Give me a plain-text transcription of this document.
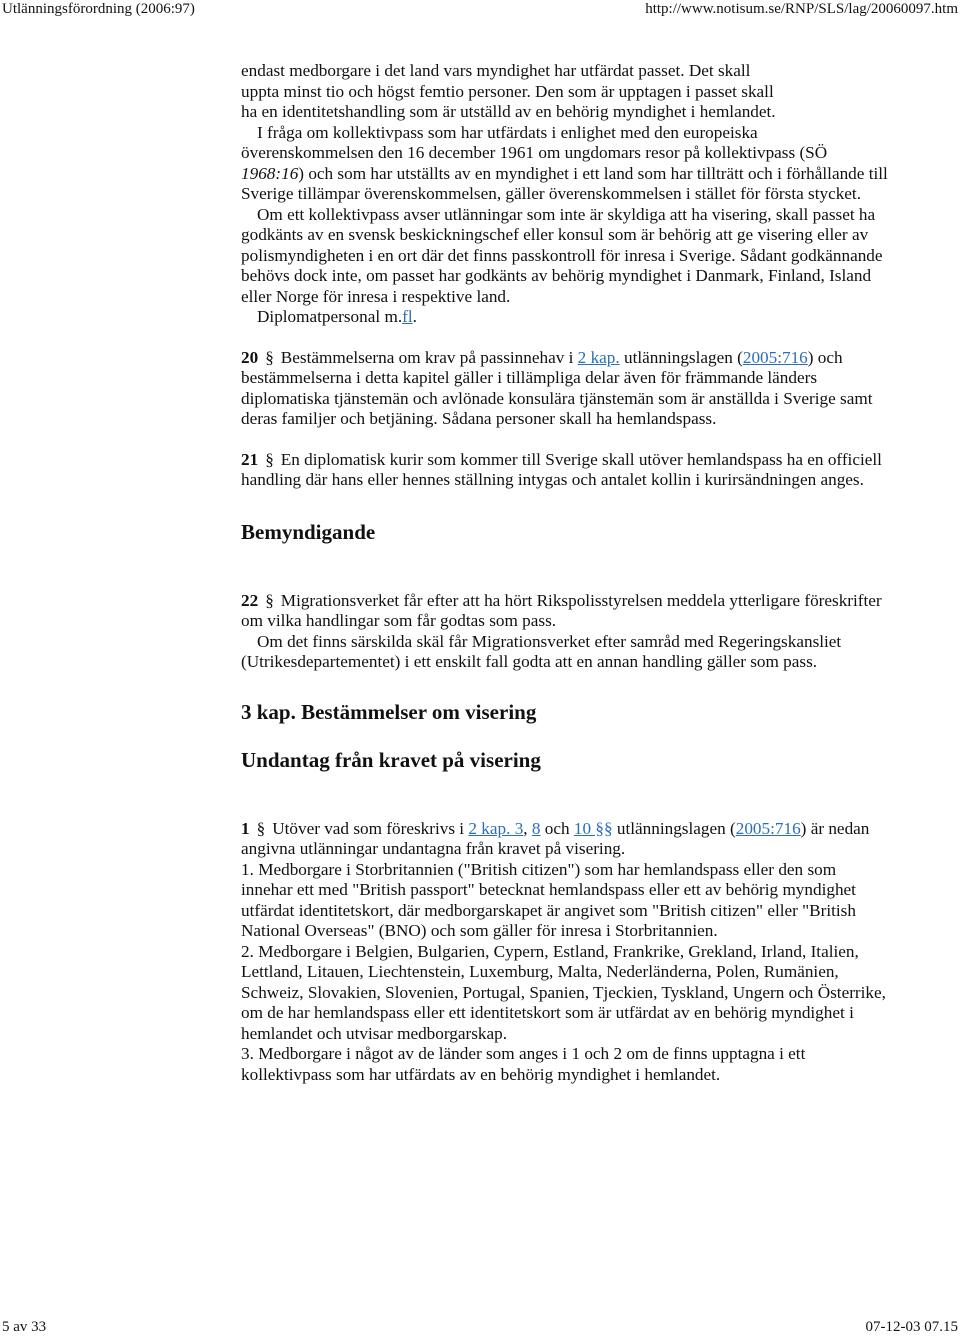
Utlänningsförordning (2006:97)	http://www.notisum.se/RNP/SLS/lag/20060097.htm

endast medborgare i det land vars myndighet har utfärdat passet. Det skall

uppta minst tio och högst femtio personer. Den som är upptagen i passet skall

ha en identitetshandling som är utställd av en behörig myndighet i hemlandet.

I fråga om kollektivpass som har utfärdats i enlighet med den europeiska överenskommelsen den 16 december 1961 om ungdomars resor på kollektivpass (SÖ 1968:16) och som har utställts av en myndighet i ett land som har tillträtt och i förhållande till Sverige tillämpar överenskommelsen, gäller överenskommelsen i stället för första stycket.

Om ett kollektivpass avser utlänningar som inte är skyldiga att ha visering, skall passet ha godkänts av en svensk beskickningschef eller konsul som är behörig att ge visering eller av polismyndigheten i en ort där det finns passkontroll för inresa i Sverige. Sådant godkännande behövs dock inte, om passet har godkänts av behörig myndighet i Danmark, Finland, Island eller Norge för inresa i respektive land.

Diplomatpersonal m.fl.

20 § Bestämmelserna om krav på passinnehav i 2 kap. utlänningslagen (2005:716) och bestämmelserna i detta kapitel gäller i tillämpliga delar även för främmande länders diplomatiska tjänstemän och avlönade konsulära tjänstemän som är anställda i Sverige samt deras familjer och betjäning. Sådana personer skall ha hemlandspass.

21 § En diplomatisk kurir som kommer till Sverige skall utöver hemlandspass ha en officiell handling där hans eller hennes ställning intygas och antalet kollin i kurirsändningen anges.

Bemyndigande

22 § Migrationsverket får efter att ha hört Rikspolisstyrelsen meddela ytterligare föreskrifter om vilka handlingar som får godtas som pass.

Om det finns särskilda skäl får Migrationsverket efter samråd med Regeringskansliet (Utrikesdepartementet) i ett enskilt fall godta att en annan handling gäller som pass.

3 kap. Bestämmelser om visering
Undantag från kravet på visering

1 § Utöver vad som föreskrivs i 2 kap. 3, 8 och 10 §§ utlänningslagen (2005:716) är nedan angivna utlänningar undantagna från kravet på visering.

1. Medborgare i Storbritannien ("British citizen") som har hemlandspass eller den som innehar ett med "British passport" betecknat hemlandspass eller ett av behörig myndighet utfärdat identitetskort, där medborgarskapet är angivet som "British citizen" eller "British National Overseas" (BNO) och som gäller för inresa i Storbritannien.

2. Medborgare i Belgien, Bulgarien, Cypern, Estland, Frankrike, Grekland, Irland, Italien, Lettland, Litauen, Liechtenstein, Luxemburg, Malta, Nederländerna, Polen, Rumänien, Schweiz, Slovakien, Slovenien, Portugal, Spanien, Tjeckien, Tyskland, Ungern och Österrike, om de har hemlandspass eller ett identitetskort som är utfärdat av en behörig myndighet i hemlandet och utvisar medborgarskap.

3. Medborgare i något av de länder som anges i 1 och 2 om de finns upptagna i ett kollektivpass som har utfärdats av en behörig myndighet i hemlandet.

5 av 33	07-12-03 07.15
